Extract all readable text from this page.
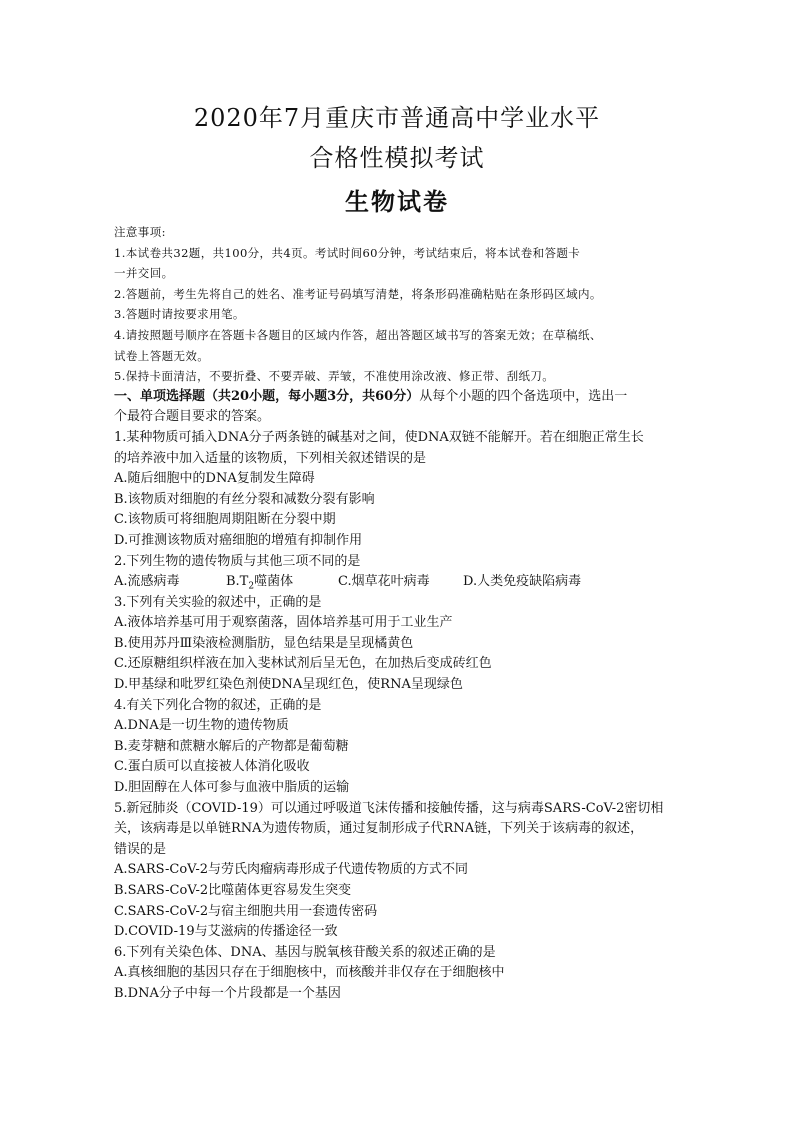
2020年7月重庆市普通高中学业水平
合格性模拟考试
生物试卷
注意事项:
1.本试卷共32题，共100分，共4页。考试时间60分钟，考试结束后，将本试卷和答题卡
一并交回。
2.答题前，考生先将自己的姓名、准考证号码填写清楚，将条形码准确粘贴在条形码区域内。
3.答题时请按要求用笔。
4.请按照题号顺序在答题卡各题目的区域内作答，超出答题区域书写的答案无效；在草稿纸、
试卷上答题无效。
5.保持卡面清洁，不要折叠、不要弄破、弄皱，不准使用涂改液、修正带、刮纸刀。
一、单项选择题（共20小题，每小题3分，共60分）从每个小题的四个备选项中，选出一
个最符合题目要求的答案。
1.某种物质可插入DNA分子两条链的碱基对之间，使DNA双链不能解开。若在细胞正常生长
的培养液中加入适量的该物质，下列相关叙述错误的是
A.随后细胞中的DNA复制发生障碍
B.该物质对细胞的有丝分裂和减数分裂有影响
C.该物质可将细胞周期阻断在分裂中期
D.可推测该物质对癌细胞的增殖有抑制作用
2.下列生物的遗传物质与其他三项不同的是
A.流感病毒	$B.T_2$噬菌体	C.烟草花叶病毒	D.人类免疫缺陷病毒
3.下列有关实验的叙述中，正确的是
A.液体培养基可用于观察菌落，固体培养基可用于工业生产
B.使用苏丹Ⅲ染液检测脂肪，显色结果是呈现橘黄色
C.还原糖组织样液在加入斐林试剂后呈无色，在加热后变成砖红色
D.甲基绿和吡罗红染色剂使DNA呈现红色，使RNA呈现绿色
4.有关下列化合物的叙述，正确的是
A.DNA是一切生物的遗传物质
B.麦芽糖和蔗糖水解后的产物都是葡萄糖
C.蛋白质可以直接被人体消化吸收
D.胆固醇在人体可参与血液中脂质的运输
5.新冠肺炎（COVID-19）可以通过呼吸道飞沫传播和接触传播，这与病毒SARS-CoV-2密切相
关，该病毒是以单链RNA为遗传物质，通过复制形成子代RNA链，下列关于该病毒的叙述，
错误的是
A.SARS-CoV-2与劳氏肉瘤病毒形成子代遗传物质的方式不同
B.SARS-CoV-2比噬菌体更容易发生突变
C.SARS-CoV-2与宿主细胞共用一套遗传密码
D.COVID-19与艾滋病的传播途径一致
6.下列有关染色体、DNA、基因与脱氧核苷酸关系的叙述正确的是
A.真核细胞的基因只存在于细胞核中，而核酸并非仅存在于细胞核中
B.DNA分子中每一个片段都是一个基因
